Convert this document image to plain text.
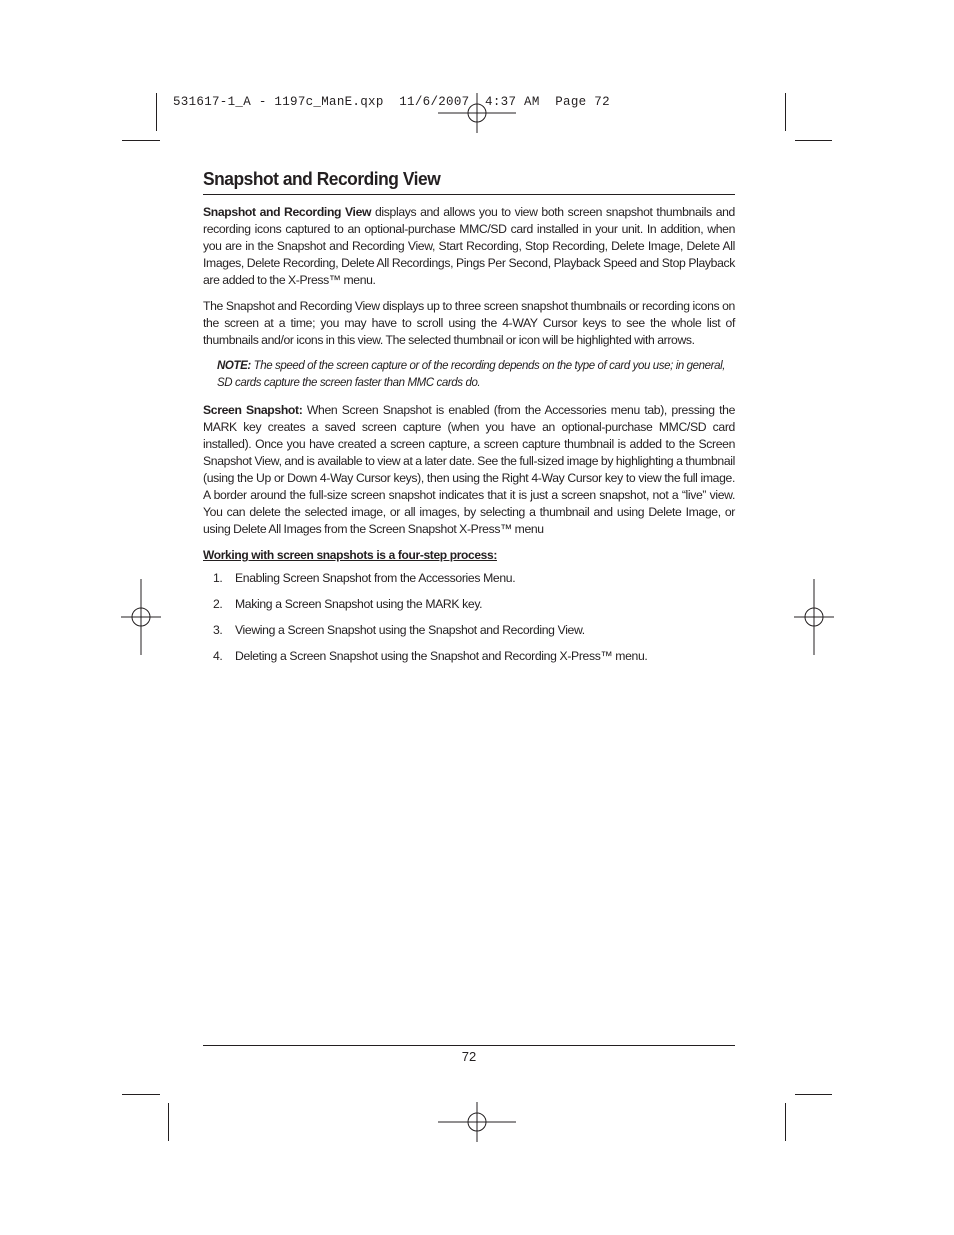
531617-1_A - 1197c_ManE.qxp  11/6/2007  4:37 AM  Page 72
Snapshot and Recording View

Snapshot and Recording View displays and allows you to view both screen snapshot thumbnails and recording icons captured to an optional-purchase MMC/SD card installed in your unit. In addition, when you are in the Snapshot and Recording View, Start Recording, Stop Recording, Delete Image, Delete All Images, Delete Recording, Delete All Recordings, Pings Per Second, Playback Speed and Stop Playback are added to the X-Press™ menu.

The Snapshot and Recording View displays up to three screen snapshot thumbnails or recording icons on the screen at a time; you may have to scroll using the 4-WAY Cursor keys to see the whole list of thumbnails and/or icons in this view. The selected thumbnail or icon will be highlighted with arrows.

NOTE: The speed of the screen capture or of the recording depends on the type of card you use; in general, SD cards capture the screen faster than MMC cards do.

Screen Snapshot: When Screen Snapshot is enabled (from the Accessories menu tab), pressing the MARK key creates a saved screen capture (when you have an optional-purchase MMC/SD card installed). Once you have created a screen capture, a screen capture thumbnail is added to the Screen Snapshot View, and is available to view at a later date. See the full-sized image by highlighting a thumbnail (using the Up or Down 4-Way Cursor keys), then using the Right 4-Way Cursor key to view the full image. A border around the full-size screen snapshot indicates that it is just a screen snapshot, not a “live” view. You can delete the selected image, or all images, by selecting a thumbnail and using Delete Image, or using Delete All Images from the Screen Snapshot X-Press™ menu

Working with screen snapshots is a four-step process:
1.	Enabling Screen Snapshot from the Accessories Menu.
2.	Making a Screen Snapshot using the MARK key.
3.	Viewing a Screen Snapshot using the Snapshot and Recording View.
4.	Deleting a Screen Snapshot using the Snapshot and Recording X-Press™ menu.
72
